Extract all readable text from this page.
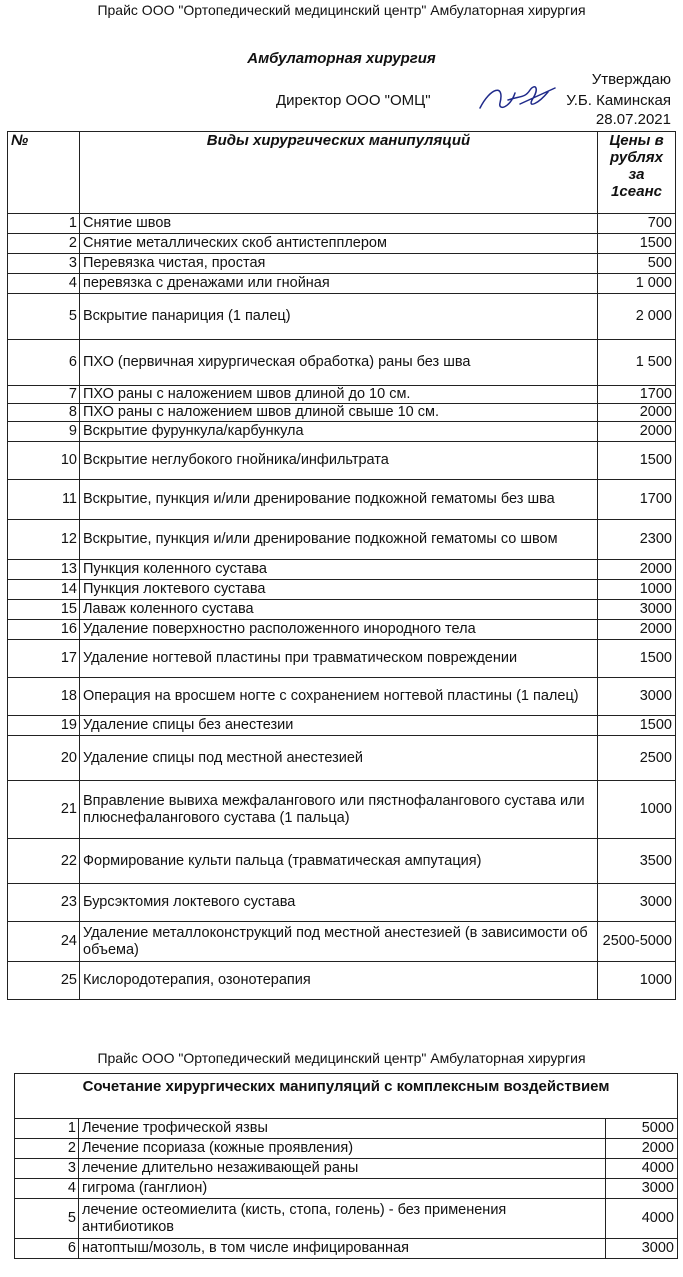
Прайс ООО "Ортопедический медицинский центр" Амбулаторная хирургия
Амбулаторная хирургия
Утверждаю
Директор ООО "ОМЦ"	У.Б. Каминская
28.07.2021
№	Виды хирургических манипуляций	Цены в рублях за 1сеанс
1	Снятие швов	700
2	Снятие металлических скоб антистепплером	1500
3	Перевязка чистая, простая	500
4	перевязка с дренажами или гнойная	1 000
5	Вскрытие панариция (1 палец)	2 000
6	ПХО (первичная хирургическая обработка) раны без шва	1 500
7	ПХО раны с наложением швов длиной до 10 см.	1700
8	ПХО раны с наложением швов длиной свыше 10 см.	2000
9	Вскрытие фурункула/карбункула	2000
10	Вскрытие неглубокого гнойника/инфильтрата	1500
11	Вскрытие, пункция и/или дренирование подкожной гематомы без шва	1700
12	Вскрытие, пункция и/или дренирование подкожной гематомы со швом	2300
13	Пункция коленного сустава	2000
14	Пункция локтевого сустава	1000
15	Лаваж коленного сустава	3000
16	Удаление поверхностно расположенного инородного тела	2000
17	Удаление ногтевой пластины при травматическом повреждении	1500
18	Операция на вросшем ногте с сохранением ногтевой пластины (1 палец)	3000
19	Удаление спицы без анестезии	1500
20	Удаление спицы под местной анестезией	2500
21	Вправление вывиха межфалангового или пястнофалангового сустава или плюснефалангового сустава (1 пальца)	1000
22	Формирование культи пальца (травматическая ампутация)	3500
23	Бурсэктомия локтевого сустава	3000
24	Удаление металлоконструкций под местной анестезией (в зависимости об объема)	2500-5000
25	Кислородотерапия, озонотерапия	1000
Прайс ООО "Ортопедический медицинский центр" Амбулаторная хирургия
Сочетание хирургических манипуляций с комплексным воздействием		
1	Лечение трофической язвы	5000
2	Лечение псориаза (кожные проявления)	2000
3	лечение длительно незаживающей раны	4000
4	гигрома (ганглион)	3000
5	лечение остеомиелита (кисть, стопа, голень) - без применения антибиотиков	4000
6	натоптыш/мозоль, в том числе инфицированная	3000
